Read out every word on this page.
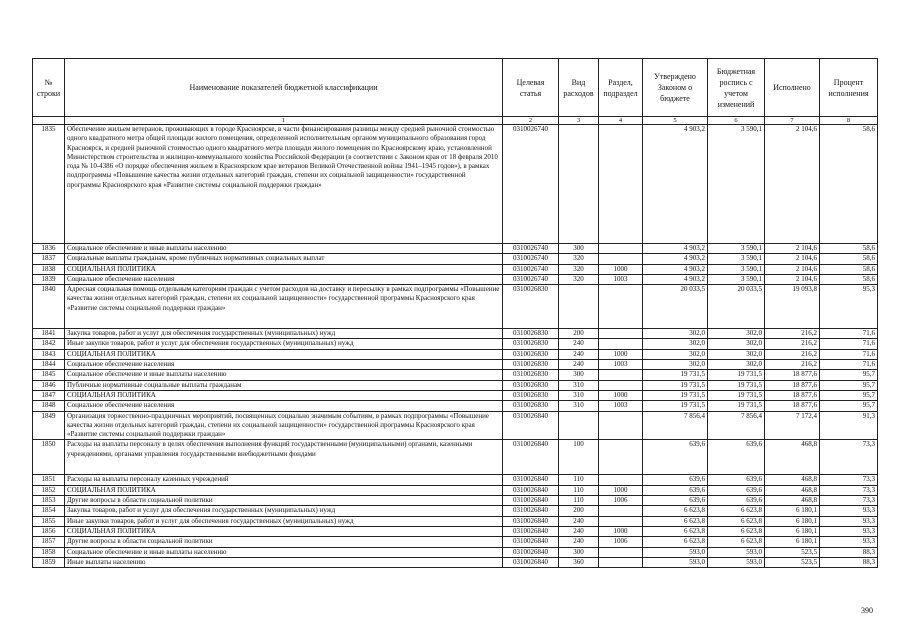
№ строки	Наименование показателей бюджетной классификации	Целевая статья	Вид расходов	Раздел, подраздел	Утверждено Законом о бюджете	Бюджетная роспись с учетом изменений	Исполнено	Процент исполнения
	1	2	3	4	5	6	7	8
1835	Обеспечение жильем ветеранов, проживающих в городе Красноярске, в части финансирования разницы между средней рыночной стоимостью одного квадратного метра общей площади жилого помещения, определенной исполнительным органом муниципального образования город Красноярск, и средней рыночной стоимостью одного квадратного метра площади жилого помещения по Красноярскому краю, установленной Министерством строительства и жилищно-коммунального хозяйства Российской Федерации (в соответствии с Законом края от 18 февраля 2010 года № 10-4386 «О порядке обеспечения жильем в Красноярском крае ветеранов Великой Отечественной войны 1941–1945 годов»), в рамках подпрограммы «Повышение качества жизни отдельных категорий граждан, степени их социальной защищенности» государственной программы Красноярского края «Развитие системы социальной поддержки граждан»	0310026740			4 903,2	3 590,1	2 104,6	58,6
1836	Социальное обеспечение и иные выплаты населению	0310026740	300		4 903,2	3 590,1	2 104,6	58,6
1837	Социальные выплаты гражданам, кроме публичных нормативных социальных выплат	0310026740	320		4 903,2	3 590,1	2 104,6	58,6
1838	СОЦИАЛЬНАЯ ПОЛИТИКА	0310026740	320	1000	4 903,2	3 590,1	2 104,6	58,6
1839	Социальное обеспечение населения	0310026740	320	1003	4 903,2	3 590,1	2 104,6	58,6
1840	Адресная социальная помощь отдельным категориям граждан с учетом расходов на доставку и пересылку в рамках подпрограммы «Повышение качества жизни отдельных категорий граждан, степени их социальной защищенности» государственной программы Красноярского края «Развитие системы социальной поддержки граждан»	0310026830			20 033,5	20 033,5	19 093,8	95,3
1841	Закупка товаров, работ и услуг для обеспечения государственных (муниципальных) нужд	0310026830	200		302,0	302,0	216,2	71,6
1842	Иные закупки товаров, работ и услуг для обеспечения государственных (муниципальных) нужд	0310026830	240		302,0	302,0	216,2	71,6
1843	СОЦИАЛЬНАЯ ПОЛИТИКА	0310026830	240	1000	302,0	302,0	216,2	71,6
1844	Социальное обеспечение населения	0310026830	240	1003	302,0	302,0	216,2	71,6
1845	Социальное обеспечение и иные выплаты населению	0310026830	300		19 731,5	19 731,5	18 877,6	95,7
1846	Публичные нормативные социальные выплаты гражданам	0310026830	310		19 731,5	19 731,5	18 877,6	95,7
1847	СОЦИАЛЬНАЯ ПОЛИТИКА	0310026830	310	1000	19 731,5	19 731,5	18 877,6	95,7
1848	Социальное обеспечение населения	0310026830	310	1003	19 731,5	19 731,5	18 877,6	95,7
1849	Организация торжественно-праздничных мероприятий, посвященных социально значимым событиям, в рамках подпрограммы «Повышение качества жизни отдельных категорий граждан, степени их социальной защищенности» государственной программы Красноярского края «Развитие системы социальной поддержки граждан»	0310026840			7 856,4	7 856,4	7 172,4	91,3
1850	Расходы на выплаты персоналу в целях обеспечения выполнения функций государственными (муниципальными) органами, казенными учреждениями, органами управления государственными внебюджетными фондами	0310026840	100		639,6	639,6	468,8	73,3
1851	Расходы на выплаты персоналу казенных учреждений	0310026840	110		639,6	639,6	468,8	73,3
1852	СОЦИАЛЬНАЯ ПОЛИТИКА	0310026840	110	1000	639,6	639,6	468,8	73,3
1853	Другие вопросы в области социальной политики	0310026840	110	1006	639,6	639,6	468,8	73,3
1854	Закупка товаров, работ и услуг для обеспечения государственных (муниципальных) нужд	0310026840	200		6 623,8	6 623,8	6 180,1	93,3
1855	Иные закупки товаров, работ и услуг для обеспечения государственных (муниципальных) нужд	0310026840	240		6 623,8	6 623,8	6 180,1	93,3
1856	СОЦИАЛЬНАЯ ПОЛИТИКА	0310026840	240	1000	6 623,8	6 623,8	6 180,1	93,3
1857	Другие вопросы в области социальной политики	0310026840	240	1006	6 623,8	6 623,8	6 180,1	93,3
1858	Социальное обеспечение и иные выплаты населению	0310026840	300		593,0	593,0	523,5	88,3
1859	Иные выплаты населению	0310026840	360		593,0	593,0	523,5	88,3
390
